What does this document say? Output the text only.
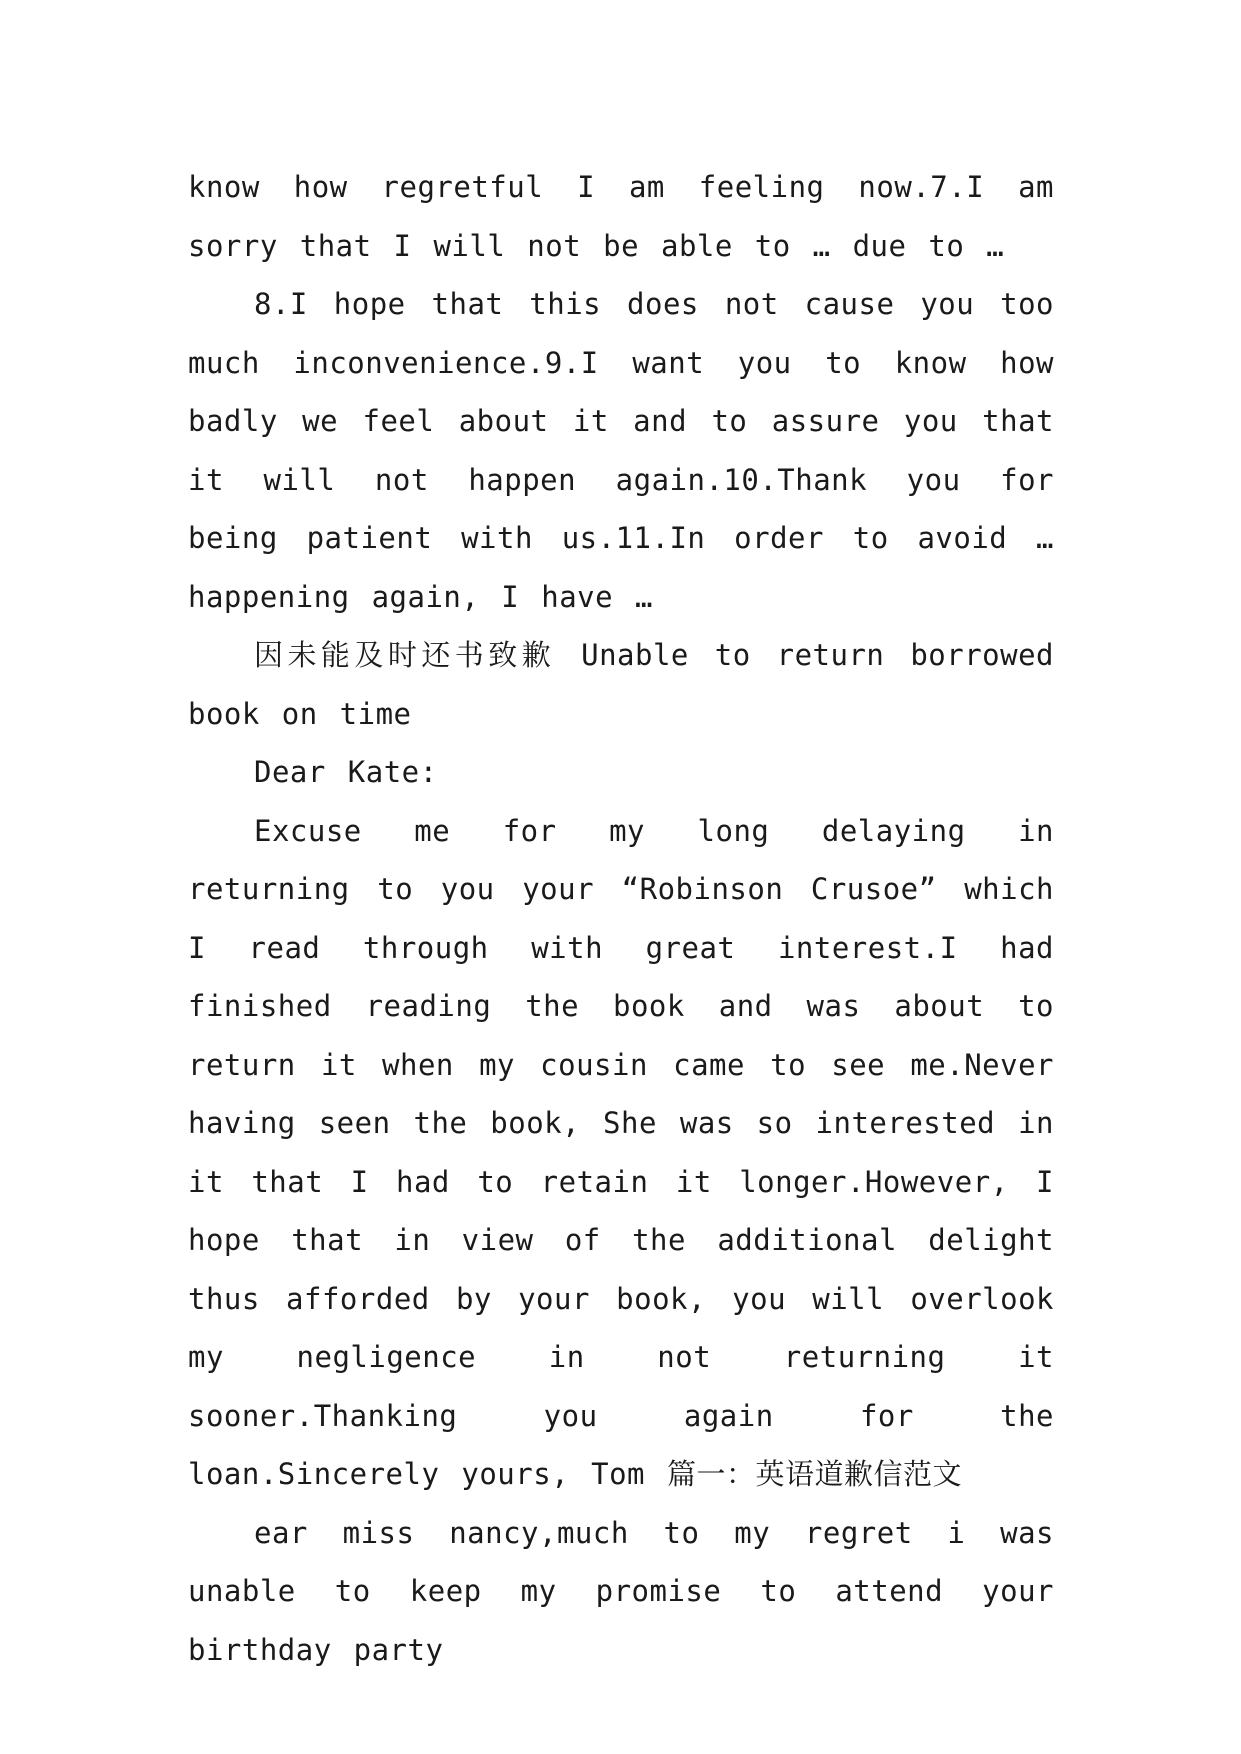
know how regretful I am feeling now.7.I am sorry that I will not be able to … due to …

8.I hope that this does not cause you too much inconvenience.9.I want you to know how badly we feel about it and to assure you that it will not happen again.10.Thank you for being patient with us.11.In order to avoid … happening again, I have …

因未能及时还书致歉 Unable to return borrowed book on time

Dear Kate:

Excuse me for my long delaying in returning to you your “Robinson Crusoe” which I read through with great interest.I had finished reading the book and was about to return it when my cousin came to see me.Never having seen the book, She was so interested in it that I had to retain it longer.However, I hope that in view of the additional delight thus afforded by your book, you will overlook my negligence in not returning it sooner.Thanking you again for the loan.Sincerely yours, Tom 篇一：英语道歉信范文

ear miss nancy,much to my regret i was unable to keep my promise to attend your birthday party
